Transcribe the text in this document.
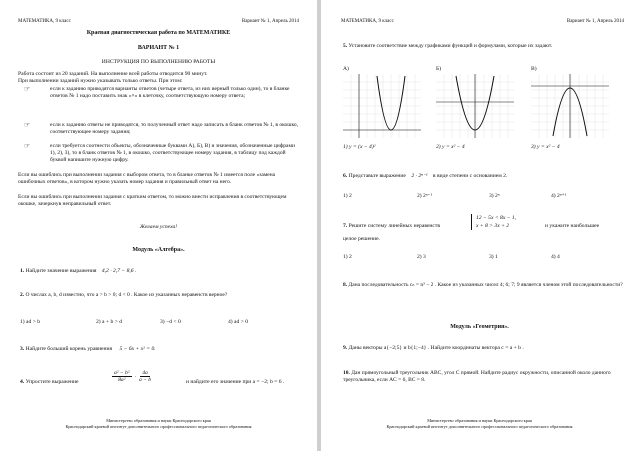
МАТЕМАТИКА, 9 класс	Вариант № 1, Апрель 2014
Краевая диагностическая работа по МАТЕМАТИКЕ
ВАРИАНТ № 1
ИНСТРУКЦИЯ ПО ВЫПОЛНЕНИЮ РАБОТЫ
Работа состоит из 20 заданий. На выполнение всей работы отводится 90 минут.
При выполнении заданий нужно указывать только ответы. При этом:
☞	если к заданию приводятся варианты ответов (четыре ответа, из них верный только один), то в бланке ответов № 1 надо поставить знак «×» в клеточку, соответствующую номеру ответа;
☞	если к заданию ответы не приводятся, то полученный ответ надо записать в бланк ответов № 1, в окошко, соответствующее номеру задания;
☞	если требуется соотнести объекты, обозначенные буквами А), Б), В) и значения, обозначенные цифрами 1), 2), 3), то в бланк ответов № 1, в окошко, соответствующее номеру задания, в таблицу под каждой буквой напишите нужную цифру.
Если вы ошиблись при выполнении задания с выбором ответа, то в бланке ответов № 1 имеется поле «замена ошибочных ответов», в котором нужно указать номер задания и правильный ответ на него.
Если вы ошиблись при выполнении задания с кратким ответом, то можно внести исправления в соответствующем окошке, зачеркнув неправильный ответ.
Желаем успеха!
Модуль «Алгебра».
1. Найдите значение выражения 4,2 · 2,7 − 8,6 .
2. О числах a, b, d известно, что a > b > 0; d < 0 . Какое из указанных неравенств верное?
1) ad > b	2) a + b > d	3) −d < 0	4) ad > 0
3. Найдите больший корень уравнения 5 − 6x + x² = 0.
4. Упростите выражение	$\frac{\text{a² − b²}}{\text{8a²}} \cdot \frac{4a}{a - b}$	и найдите его значение при a = −2; b = 6 .
Министерство образования и науки Краснодарского края
Краснодарский краевой институт дополнительного профессионального педагогического образования
МАТЕМАТИКА, 9 класс	Вариант № 1, Апрель 2014
5. Установите соответствие между графиками функций и формулами, которые их задают.
А)	Б)	В)
1) y = (x − 4)²	2) y = x² − 4	3) y = x² − 4
6. Представьте выражение 2 · 2ⁿ⁻¹ в виде степени с основанием 2.
1) 2	2) 2ⁿ⁻¹	3) 2ⁿ	4) 2ⁿ⁺¹
7. Решите систему линейных неравенств
12 − 5x < 8x − 1,
x + 8 > 3x + 2	и укажите наибольшее
целое решение.
1) 2	2) 3	3) 1	4) 4
8. Дана последовательность cₙ = n³ − 2 . Какое из указанных чисел 4; 6; 7; 9 является членом этой последовательности?
Модуль «Геометрия».
9. Даны векторы a{−2;5} и b{1;−4} . Найдите координаты вектора c = a + b .
10. Дан прямоугольный треугольник ABC, угол C прямой. Найдите радиус окружности, описанной около данного треугольника, если AC = 6, BC = 8.
Министерство образования и науки Краснодарского края
Краснодарский краевой институт дополнительного профессионального педагогического образования
